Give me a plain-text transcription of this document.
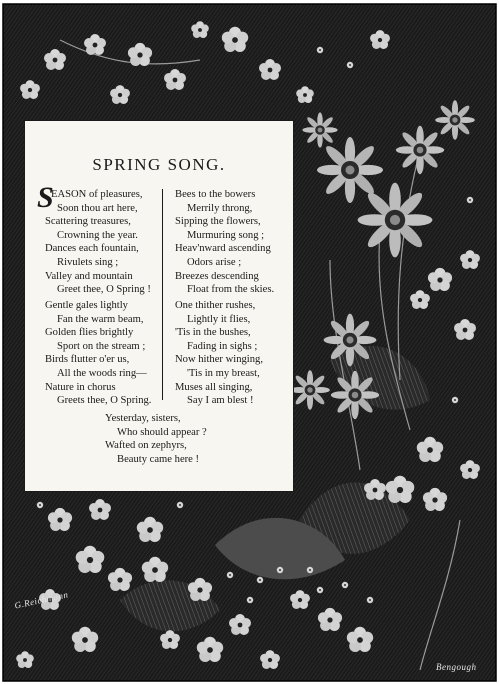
SPRING SONG.
S
EASON of pleasures,
Soon thou art here,
Scattering treasures,
Crowning the year.
Dances each fountain,
Rivulets sing ;
Valley and mountain
Greet thee, O Spring !
Gentle gales lightly
Fan the warm beam,
Golden flies brightly
Sport on the stream ;
Birds flutter o'er us,
All the woods ring—
Nature in chorus
Greets thee, O Spring.
Bees to the bowers
Merrily throng,
Sipping the flowers,
Murmuring song ;
Heav'nward ascending
Odors arise ;
Breezes descending
Float from the skies.
One thither rushes,
Lightly it flies,
'Tis in the bushes,
Fading in sighs ;
Now hither winging,
'Tis in my breast,
Muses all singing,
Say I am blest !
Yesterday, sisters,
Who should appear ?
Wafted on zephyrs,
Beauty came here !
G.Reichmann
Bengough
